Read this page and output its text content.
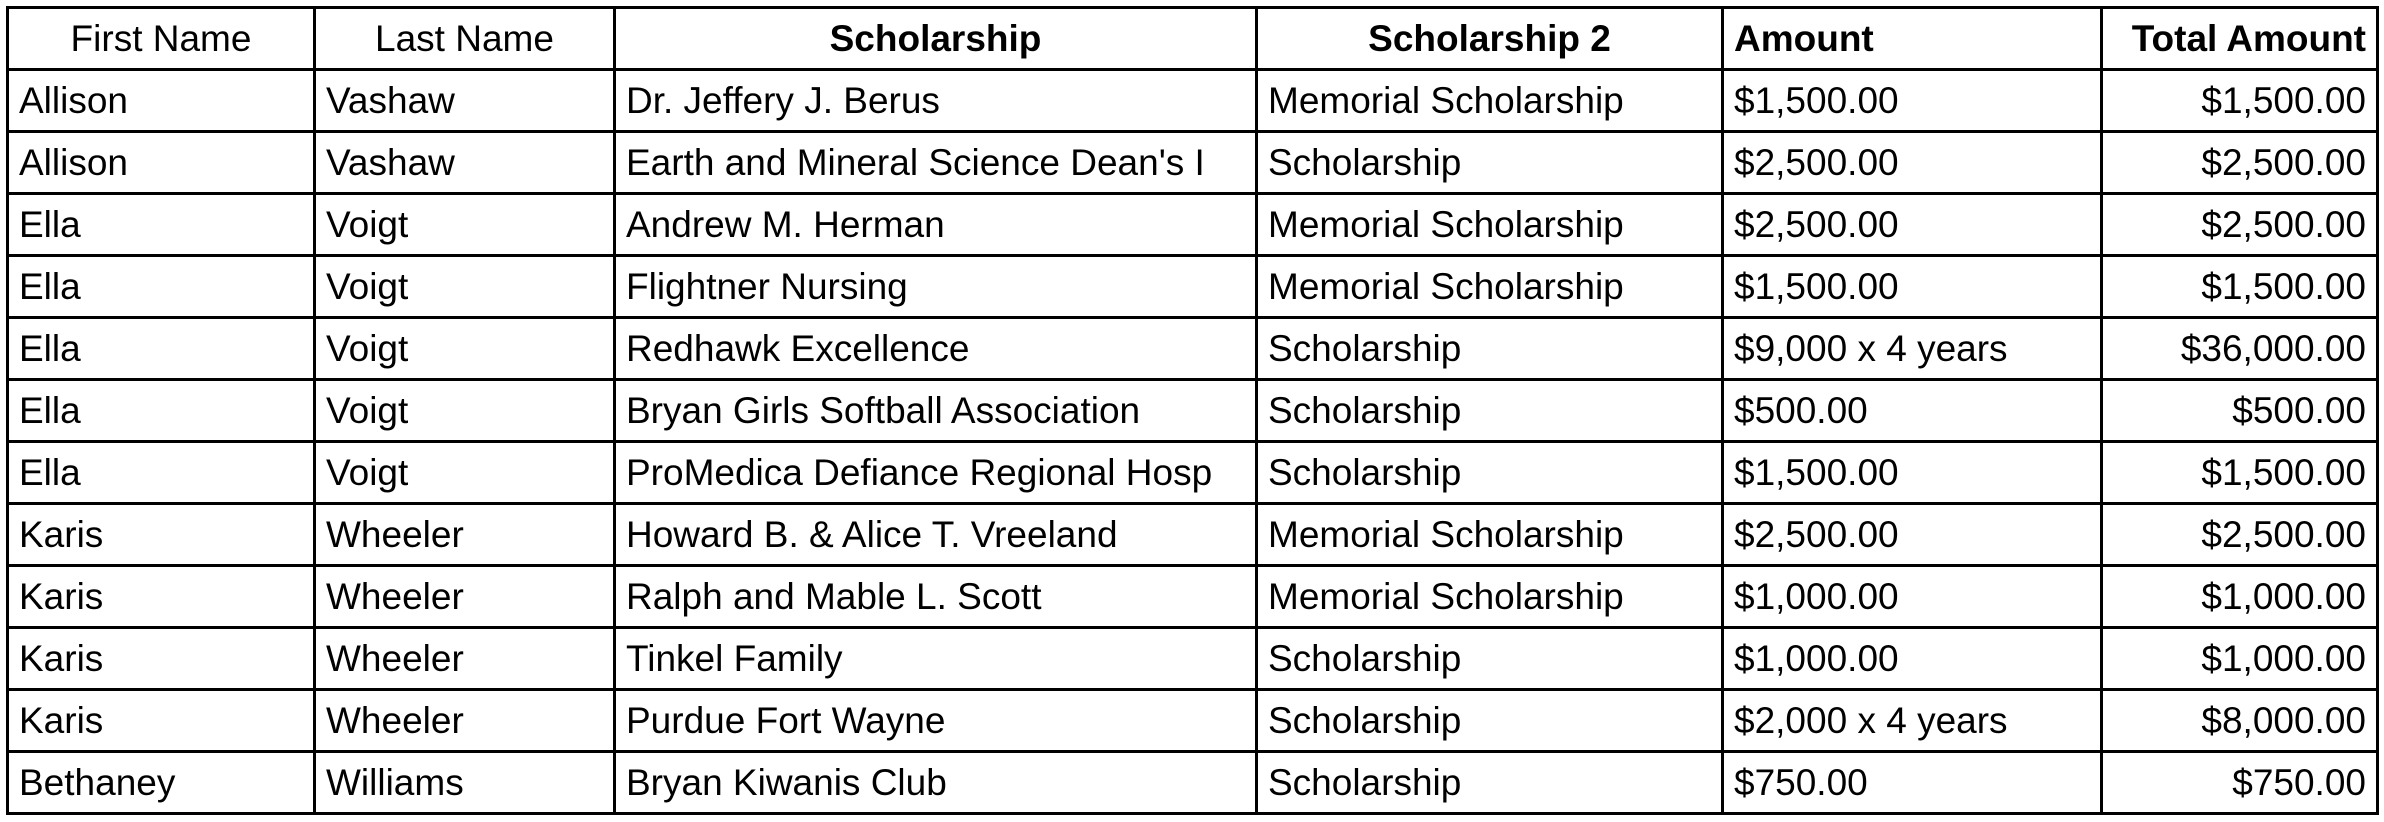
First Name	Last Name	Scholarship	Scholarship 2	Amount	Total Amount

Allison	Vashaw	Dr. Jeffery J. Berus	Memorial Scholarship	$1,500.00	$1,500.00

Allison	Vashaw	Earth and Mineral Science Dean's I	Scholarship	$2,500.00	$2,500.00

Ella	Voigt	Andrew M. Herman	Memorial Scholarship	$2,500.00	$2,500.00

Ella	Voigt	Flightner Nursing	Memorial Scholarship	$1,500.00	$1,500.00

Ella	Voigt	Redhawk Excellence	Scholarship	$9,000 x 4 years	$36,000.00

Ella	Voigt	Bryan Girls Softball Association	Scholarship	$500.00	$500.00

Ella	Voigt	ProMedica Defiance Regional Hosp	Scholarship	$1,500.00	$1,500.00

Karis	Wheeler	Howard B. & Alice T. Vreeland	Memorial Scholarship	$2,500.00	$2,500.00

Karis	Wheeler	Ralph and Mable L. Scott	Memorial Scholarship	$1,000.00	$1,000.00

Karis	Wheeler	Tinkel Family	Scholarship	$1,000.00	$1,000.00

Karis	Wheeler	Purdue Fort Wayne	Scholarship	$2,000 x 4 years	$8,000.00

Bethaney	Williams	Bryan Kiwanis Club	Scholarship	$750.00	$750.00
